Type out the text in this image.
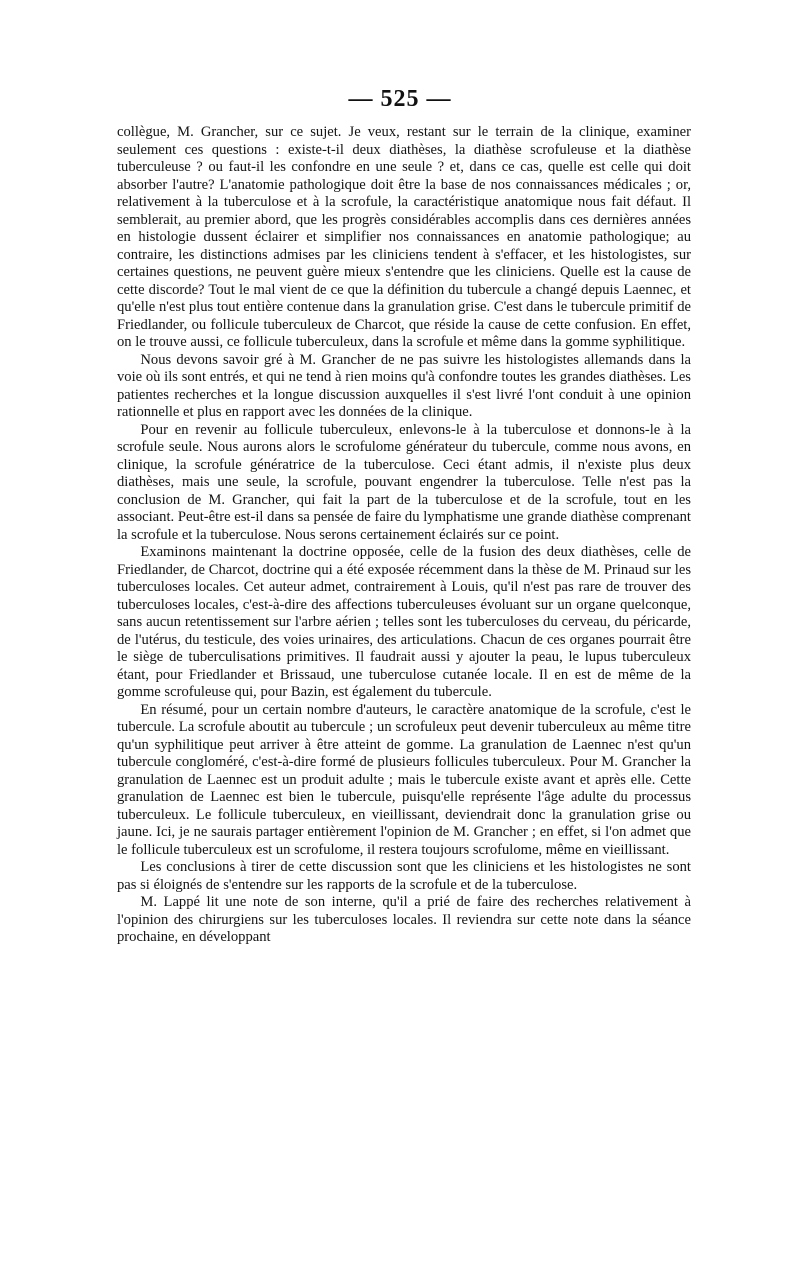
— 525 —

collègue, M. Grancher, sur ce sujet. Je veux, restant sur le terrain de la clinique, examiner seulement ces questions : existe-t-il deux diathèses, la diathèse scrofuleuse et la diathèse tuberculeuse ? ou faut-il les confondre en une seule ? et, dans ce cas, quelle est celle qui doit absorber l'autre? L'anatomie pathologique doit être la base de nos connaissances médicales ; or, relativement à la tuberculose et à la scrofule, la caractéristique anatomique nous fait défaut. Il semblerait, au premier abord, que les progrès considérables accomplis dans ces dernières années en histologie dussent éclairer et simplifier nos connaissances en anatomie pathologique; au contraire, les distinctions admises par les cliniciens tendent à s'effacer, et les histologistes, sur certaines questions, ne peuvent guère mieux s'entendre que les cliniciens. Quelle est la cause de cette discorde? Tout le mal vient de ce que la définition du tubercule a changé depuis Laennec, et qu'elle n'est plus tout entière contenue dans la granulation grise. C'est dans le tubercule primitif de Friedlander, ou follicule tuberculeux de Charcot, que réside la cause de cette confusion. En effet, on le trouve aussi, ce follicule tuberculeux, dans la scrofule et même dans la gomme syphilitique.

Nous devons savoir gré à M. Grancher de ne pas suivre les histologistes allemands dans la voie où ils sont entrés, et qui ne tend à rien moins qu'à confondre toutes les grandes diathèses. Les patientes recherches et la longue discussion auxquelles il s'est livré l'ont conduit à une opinion rationnelle et plus en rapport avec les données de la clinique.

Pour en revenir au follicule tuberculeux, enlevons-le à la tuberculose et donnons-le à la scrofule seule. Nous aurons alors le scrofulome générateur du tubercule, comme nous avons, en clinique, la scrofule génératrice de la tuberculose. Ceci étant admis, il n'existe plus deux diathèses, mais une seule, la scrofule, pouvant engendrer la tuberculose. Telle n'est pas la conclusion de M. Grancher, qui fait la part de la tuberculose et de la scrofule, tout en les associant. Peut-être est-il dans sa pensée de faire du lymphatisme une grande diathèse comprenant la scrofule et la tuberculose. Nous serons certainement éclairés sur ce point.

Examinons maintenant la doctrine opposée, celle de la fusion des deux diathèses, celle de Friedlander, de Charcot, doctrine qui a été exposée récemment dans la thèse de M. Prinaud sur les tuberculoses locales. Cet auteur admet, contrairement à Louis, qu'il n'est pas rare de trouver des tuberculoses locales, c'est-à-dire des affections tuberculeuses évoluant sur un organe quelconque, sans aucun retentissement sur l'arbre aérien ; telles sont les tuberculoses du cerveau, du péricarde, de l'utérus, du testicule, des voies urinaires, des articulations. Chacun de ces organes pourrait être le siège de tuberculisations primitives. Il faudrait aussi y ajouter la peau, le lupus tuberculeux étant, pour Friedlander et Brissaud, une tuberculose cutanée locale. Il en est de même de la gomme scrofuleuse qui, pour Bazin, est également du tubercule.

En résumé, pour un certain nombre d'auteurs, le caractère anatomique de la scrofule, c'est le tubercule. La scrofule aboutit au tubercule ; un scrofuleux peut devenir tuberculeux au même titre qu'un syphilitique peut arriver à être atteint de gomme. La granulation de Laennec n'est qu'un tubercule congloméré, c'est-à-dire formé de plusieurs follicules tuberculeux. Pour M. Grancher la granulation de Laennec est un produit adulte ; mais le tubercule existe avant et après elle. Cette granulation de Laennec est bien le tubercule, puisqu'elle représente l'âge adulte du processus tuberculeux. Le follicule tuberculeux, en vieillissant, deviendrait donc la granulation grise ou jaune. Ici, je ne saurais partager entièrement l'opinion de M. Grancher ; en effet, si l'on admet que le follicule tuberculeux est un scrofulome, il restera toujours scrofulome, même en vieillissant.

Les conclusions à tirer de cette discussion sont que les cliniciens et les histologistes ne sont pas si éloignés de s'entendre sur les rapports de la scrofule et de la tuberculose.

M. Lappé lit une note de son interne, qu'il a prié de faire des recherches relativement à l'opinion des chirurgiens sur les tuberculoses locales. Il reviendra sur cette note dans la séance prochaine, en développant
